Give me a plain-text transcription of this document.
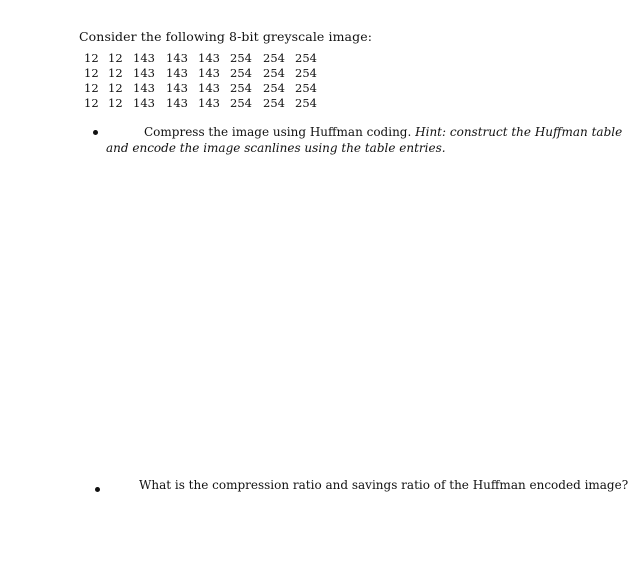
Consider the following 8-bit greyscale image:
12	12	143	143	143	254	254	254
12	12	143	143	143	254	254	254
12	12	143	143	143	254	254	254
12	12	143	143	143	254	254	254
Compress the image using Huffman coding. Hint: construct the Huffman table
and encode the image scanlines using the table entries.
What is the compression ratio and savings ratio of the Huffman encoded image?
